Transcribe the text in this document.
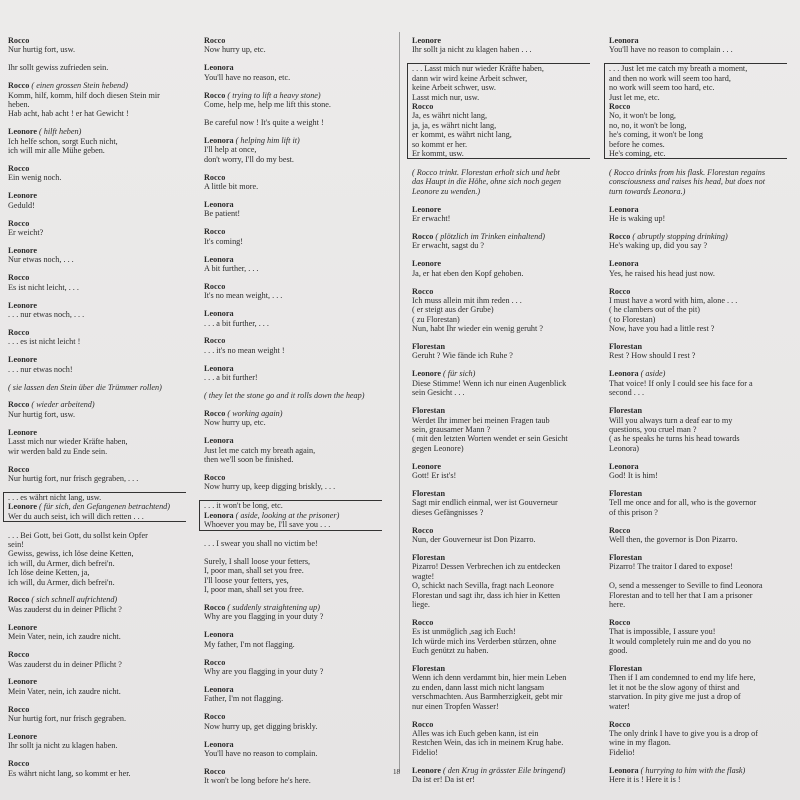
Rocco
Nur hurtig fort, usw.
Ihr sollt gewiss zufrieden sein.
Rocco ( einen grossen Stein hebend)
Komm, hilf, komm, hilf doch diesen Stein mir
heben.
Hab acht, hab acht ! er hat Gewicht !
Leonore ( hilft heben)
Ich helfe schon, sorgt Euch nicht,
ich will mir alle Mühe geben.
Rocco
Ein wenig noch.
Leonore
Geduld!
Rocco
Er weicht?
Leonore
Nur etwas noch, . . .
Rocco
Es ist nicht leicht, . . .
Leonore
. . . nur etwas noch, . . .
Rocco
. . . es ist nicht leicht !
Leonore
. . . nur etwas noch!
( sie lassen den Stein über die Trümmer rollen)
Rocco ( wieder arbeitend)
Nur hurtig fort, usw.
Leonore
Lasst mich nur wieder Kräfte haben,
wir werden bald zu Ende sein.
Rocco
Nur hurtig fort, nur frisch gegraben, . . .
. . . es währt nicht lang, usw.
Leonore ( für sich, den Gefangenen betrachtend)
Wer du auch seist, ich will dich retten . . .
. . . Bei Gott, bei Gott, du sollst kein Opfer
sein!
Gewiss, gewiss, ich löse deine Ketten,
ich will, du Armer, dich befrei'n.
Ich löse deine Ketten, ja,
ich will, du Armer, dich befrei'n.
Rocco ( sich schnell aufrichtend)
Was zauderst du in deiner Pflicht ?
Leonore
Mein Vater, nein, ich zaudre nicht.
Rocco
Was zauderst du in deiner Pflicht ?
Leonore
Mein Vater, nein, ich zaudre nicht.
Rocco
Nur hurtig fort, nur frisch gegraben.
Leonore
Ihr sollt ja nicht zu klagen haben.
Rocco
Es währt nicht lang, so kommt er her.
Rocco
Now hurry up, etc.
Leonora
You'll have no reason, etc.
Rocco ( trying to lift a heavy stone)
Come, help me, help me lift this stone.
Be careful now ! It's quite a weight !
Leonora ( helping him lift it)
I'll help at once,
don't worry, I'll do my best.
Rocco
A little bit more.
Leonora
Be patient!
Rocco
It's coming!
Leonora
A bit further, . . .
Rocco
It's no mean weight, . . .
Leonora
. . . a bit further, . . .
Rocco
. . . it's no mean weight !
Leonora
. . . a bit further!
( they let the stone go and it rolls down the heap)
Rocco ( working again)
Now hurry up, etc.
Leonora
Just let me catch my breath again,
then we'll soon be finished.
Rocco
Now hurry up, keep digging briskly, . . .
. . . it won't be long, etc.
Leonora ( aside, looking at the prisoner)
Whoever you may be, I'll save you . . .
. . . I swear you shall no victim be!
Surely, I shall loose your fetters,
I, poor man, shall set you free.
I'll loose your fetters, yes,
I, poor man, shall set you free.
Rocco ( suddenly straightening up)
Why are you flagging in your duty ?
Leonora
My father, I'm not flagging.
Rocco
Why are you flagging in your duty ?
Leonora
Father, I'm not flagging.
Rocco
Now hurry up, get digging briskly.
Leonora
You'll have no reason to complain.
Rocco
It won't be long before he's here.
Leonore
Ihr sollt ja nicht zu klagen haben . . .
. . . Lasst mich nur wieder Kräfte haben,
dann wir wird keine Arbeit schwer,
keine Arbeit schwer, usw.
Lasst mich nur, usw.
Rocco
Ja, es währt nicht lang,
ja, ja, es währt nicht lang,
er kommt, es währt nicht lang,
so kommt er her.
Er kommt, usw.
( Rocco trinkt. Florestan erholt sich und hebt
das Haupt in die Höhe, ohne sich noch gegen
Leonore zu wenden.)
Leonore
Er erwacht!
Rocco ( plötzlich im Trinken einhaltend)
Er erwacht, sagst du ?
Leonore
Ja, er hat eben den Kopf gehoben.
Rocco
Ich muss allein mit ihm reden . . .
( er steigt aus der Grube)
( zu Florestan)
Nun, habt Ihr wieder ein wenig geruht ?
Florestan
Geruht ? Wie fände ich Ruhe ?
Leonore ( für sich)
Diese Stimme! Wenn ich nur einen Augenblick
sein Gesicht . . .
Florestan
Werdet Ihr immer bei meinen Fragen taub
sein, grausamer Mann ?
( mit den letzten Worten wendet er sein Gesicht
gegen Leonore)
Leonore
Gott! Er ist's!
Florestan
Sagt mir endlich einmal, wer ist Gouverneur
dieses Gefängnisses ?
Rocco
Nun, der Gouverneur ist Don Pizarro.
Florestan
Pizarro! Dessen Verbrechen ich zu entdecken
wagte!
O, schickt nach Sevilla, fragt nach Leonore
Florestan und sagt ihr, dass ich hier in Ketten
liege.
Rocco
Es ist unmöglich ,sag ich Euch!
Ich würde mich ins Verderben stürzen, ohne
Euch genützt zu haben.
Florestan
Wenn ich denn verdammt bin, hier mein Leben
zu enden, dann lasst mich nicht langsam
verschmachten. Aus Barmherzigkeit, gebt mir
nur einen Tropfen Wasser!
Rocco
Alles was ich Euch geben kann, ist ein
Restchen Wein, das ich in meinem Krug habe.
Fidelio!
Leonore ( den Krug in grösster Eile bringend)
Da ist er! Da ist er!
Leonora
You'll have no reason to complain . . .
. . . Just let me catch my breath a moment,
and then no work will seem too hard,
no work will seem too hard, etc.
Just let me, etc.
Rocco
No, it won't be long,
no, no, it won't be long,
he's coming, it won't be long
before he comes.
He's coming, etc.
( Rocco drinks from his flask. Florestan regains
consciousness and raises his head, but does not
turn towards Leonora.)
Leonora
He is waking up!
Rocco ( abruptly stopping drinking)
He's waking up, did you say ?
Leonora
Yes, he raised his head just now.
Rocco
I must have a word with him, alone . . .
( he clambers out of the pit)
( to Florestan)
Now, have you had a little rest ?
Florestan
Rest ? How should I rest ?
Leonora ( aside)
That voice! If only I could see his face for a
second . . .
Florestan
Will you always turn a deaf ear to my
questions, you cruel man ?
( as he speaks he turns his head towards
Leonora)
Leonora
God! It is him!
Florestan
Tell me once and for all, who is the governor
of this prison ?
Rocco
Well then, the governor is Don Pizarro.
Florestan
Pizarro! The traitor I dared to expose!

O, send a messenger to Seville to find Leonora
Florestan and to tell her that I am a prisoner
here.
Rocco
That is impossible, I assure you!
It would completely ruin me and do you no
good.
Florestan
Then if I am condemned to end my life here,
let it not be the slow agony of thirst and
starvation. In pity give me just a drop of
water!
Rocco
The only drink I have to give you is a drop of
wine in my flagon.
Fidelio!
Leonora ( hurrying to him with the flask)
Here it is ! Here it is !
18
